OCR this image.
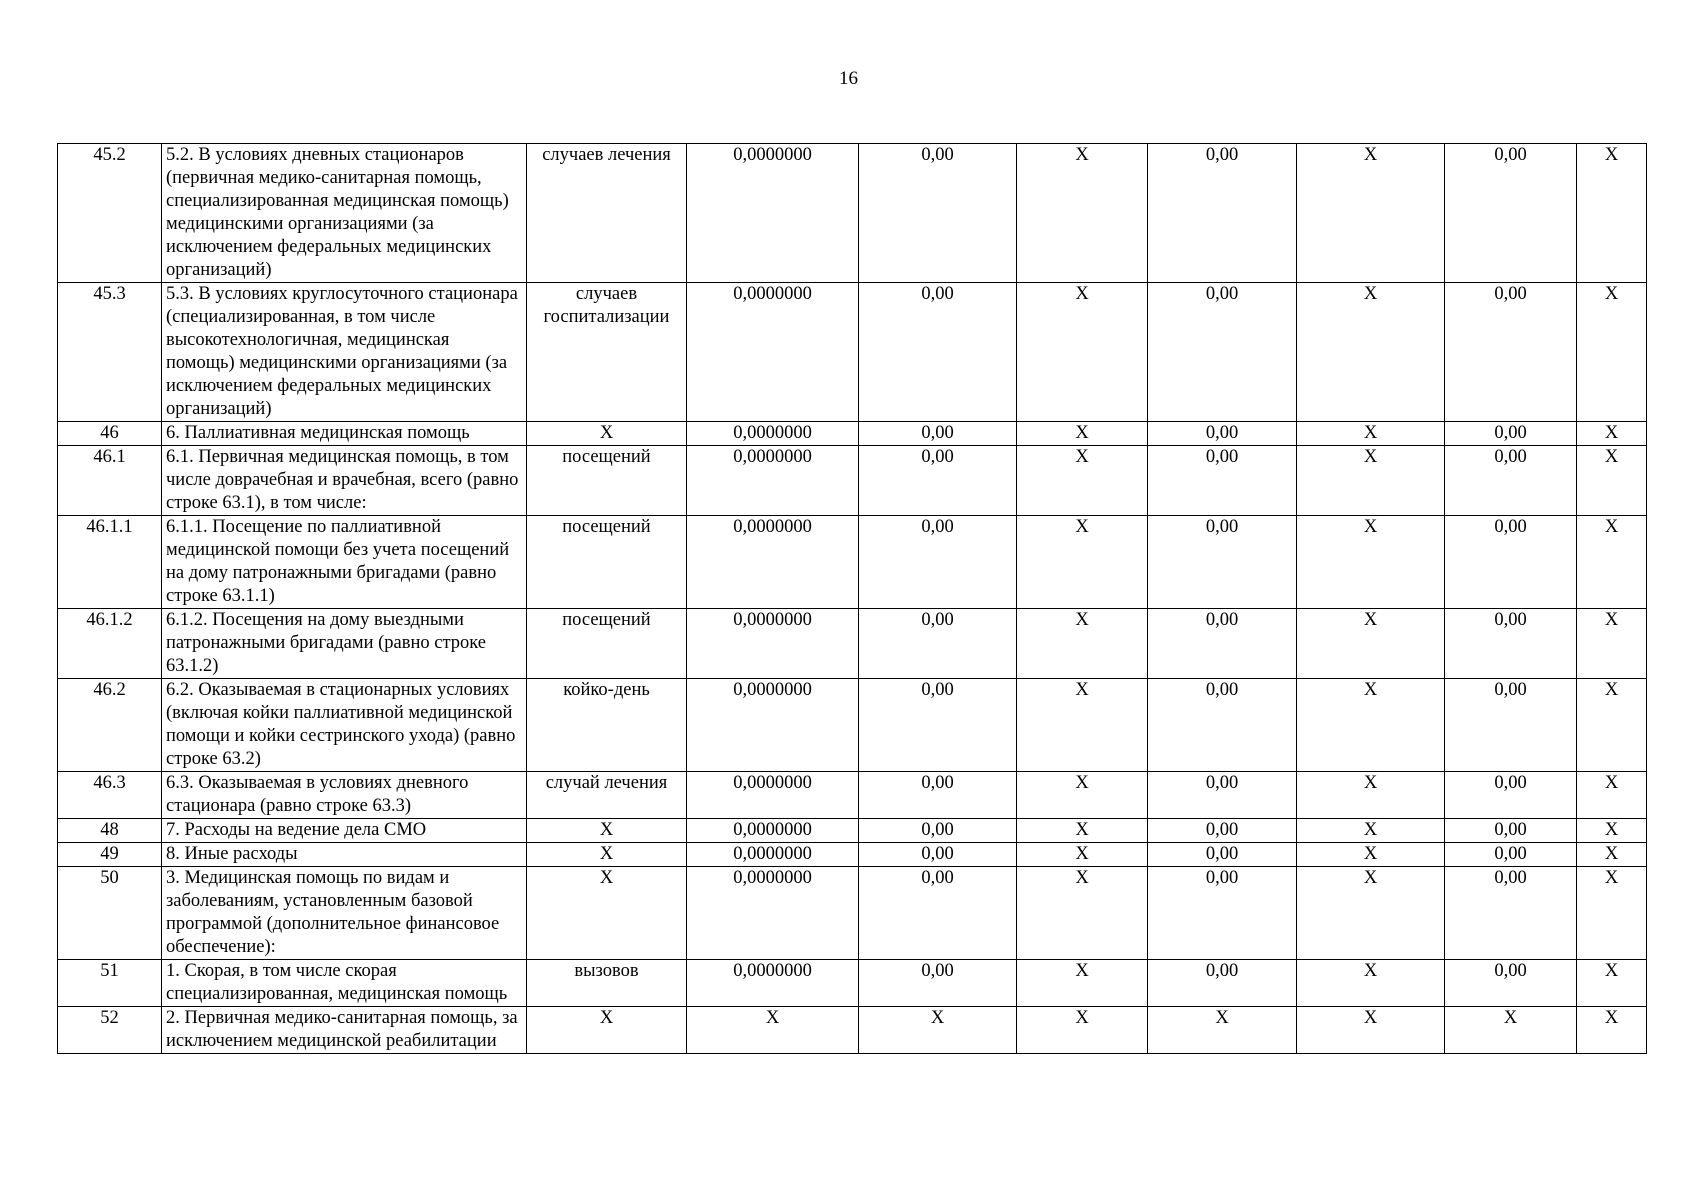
16
45.2	5.2. В условиях дневных стационаров (первичная медико-санитарная помощь, специализированная медицинская помощь) медицинскими организациями (за исключением федеральных медицинских организаций)	случаев лечения	0,0000000	0,00	X	0,00	X	0,00	X
45.3	5.3. В условиях круглосуточного стационара (специализированная, в том числе высокотехнологичная, медицинская помощь) медицинскими организациями (за исключением федеральных медицинских организаций)	случаев госпитализации	0,0000000	0,00	X	0,00	X	0,00	X
46	6. Паллиативная медицинская помощь	X	0,0000000	0,00	X	0,00	X	0,00	X
46.1	6.1. Первичная медицинская помощь, в том числе доврачебная и врачебная, всего (равно строке 63.1), в том числе:	посещений	0,0000000	0,00	X	0,00	X	0,00	X
46.1.1	6.1.1. Посещение по паллиативной медицинской помощи без учета посещений на дому патронажными бригадами (равно строке 63.1.1)	посещений	0,0000000	0,00	X	0,00	X	0,00	X
46.1.2	6.1.2. Посещения на дому выездными патронажными бригадами (равно строке 63.1.2)	посещений	0,0000000	0,00	X	0,00	X	0,00	X
46.2	6.2. Оказываемая в стационарных условиях (включая койки паллиативной медицинской помощи и койки сестринского ухода) (равно строке 63.2)	койко-день	0,0000000	0,00	X	0,00	X	0,00	X
46.3	6.3. Оказываемая в условиях дневного стационара (равно строке 63.3)	случай лечения	0,0000000	0,00	X	0,00	X	0,00	X
48	7. Расходы на ведение дела СМО	X	0,0000000	0,00	X	0,00	X	0,00	X
49	8. Иные расходы	X	0,0000000	0,00	X	0,00	X	0,00	X
50	3. Медицинская помощь по видам и заболеваниям, установленным базовой программой (дополнительное финансовое обеспечение):	X	0,0000000	0,00	X	0,00	X	0,00	X
51	1. Скорая, в том числе скорая специализированная, медицинская помощь	вызовов	0,0000000	0,00	X	0,00	X	0,00	X
52	2. Первичная медико-санитарная помощь, за исключением медицинской реабилитации	X	X	X	X	X	X	X	X
